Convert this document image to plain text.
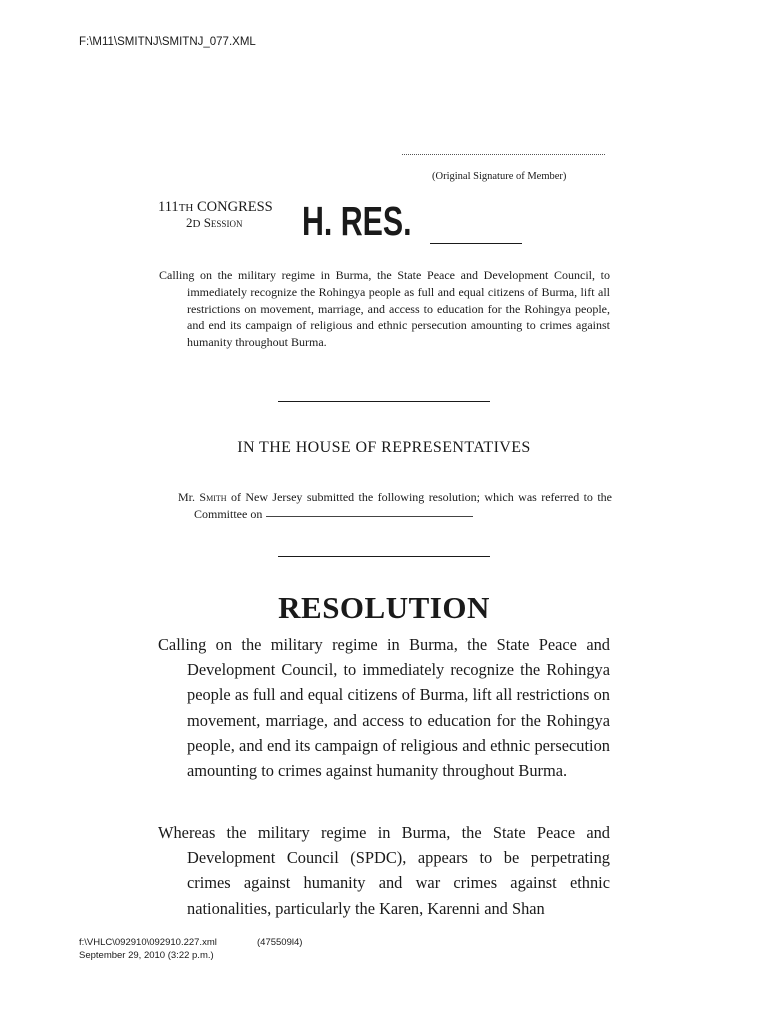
F:\M11\SMITNJ\SMITNJ_077.XML
(Original Signature of Member)
111TH CONGRESS
2D Session H. RES.
Calling on the military regime in Burma, the State Peace and Development Council, to immediately recognize the Rohingya people as full and equal citizens of Burma, lift all restrictions on movement, marriage, and access to education for the Rohingya people, and end its campaign of religious and ethnic persecution amounting to crimes against humanity throughout Burma.
IN THE HOUSE OF REPRESENTATIVES
Mr. Smith of New Jersey submitted the following resolution; which was referred to the Committee on
RESOLUTION
Calling on the military regime in Burma, the State Peace and Development Council, to immediately recognize the Rohingya people as full and equal citizens of Burma, lift all restrictions on movement, marriage, and access to education for the Rohingya people, and end its campaign of religious and ethnic persecution amounting to crimes against humanity throughout Burma.
Whereas the military regime in Burma, the State Peace and Development Council (SPDC), appears to be perpetrating crimes against humanity and war crimes against ethnic nationalities, particularly the Karen, Karenni and Shan
f:\VHLC\092910\092910.227.xml	(475509l4)
September 29, 2010 (3:22 p.m.)
